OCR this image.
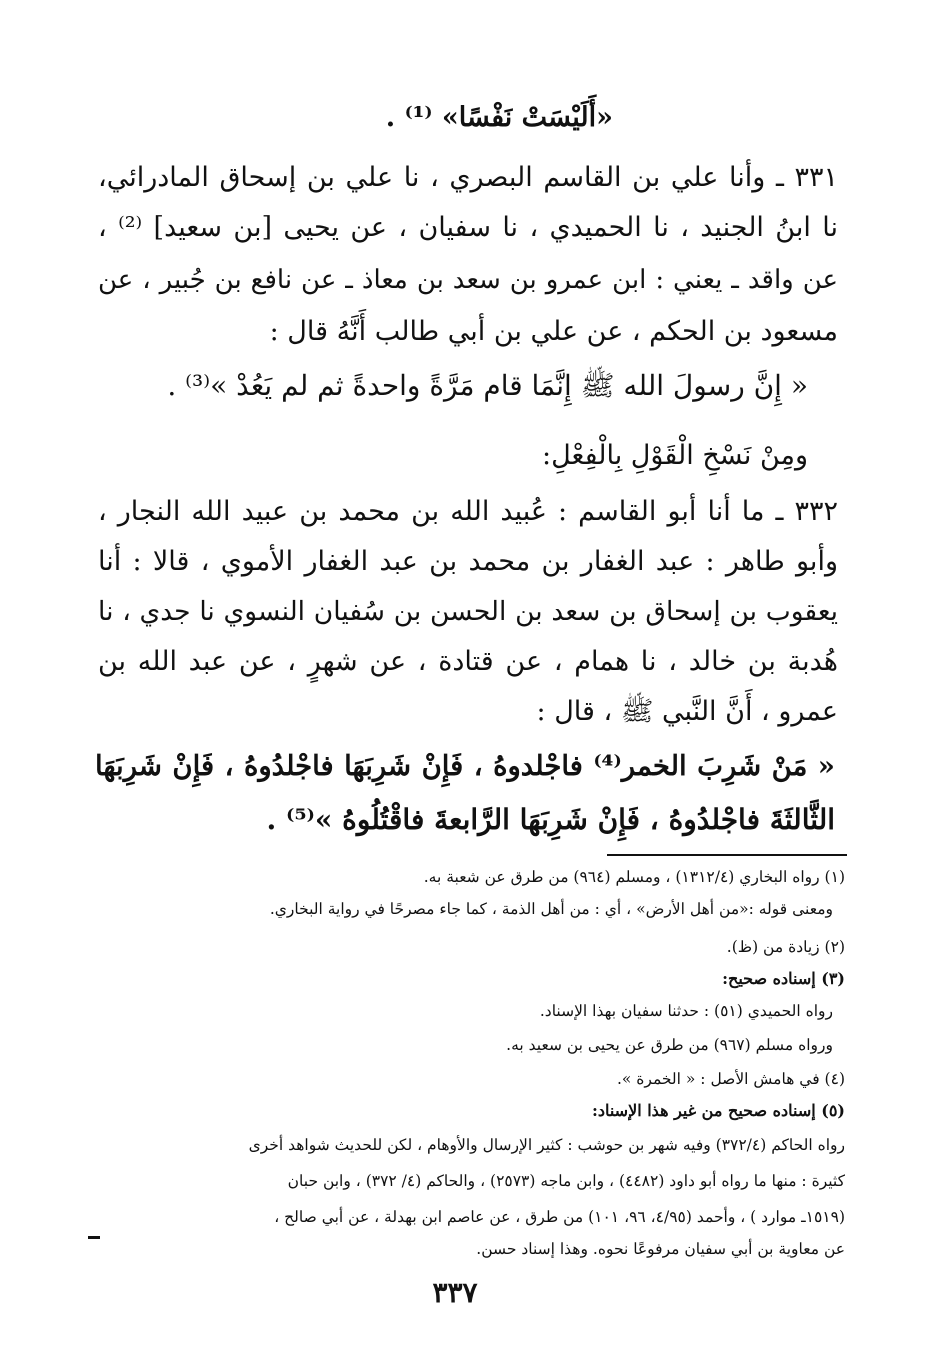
«أَلَيْسَتْ نَفْسًا» ⁽¹⁾ .
٣٣١ ـ وأنا علي بن القاسم البصري ، نا علي بن إسحاق المادرائي،
نا ابنُ الجنيد ، نا الحميدي ، نا سفيان ، عن يحيى [بن سعيد] ⁽²⁾ ،
عن واقد ـ يعني : ابن عمرو بن سعد بن معاذ ـ عن نافع بن جُبير ، عن
مسعود بن الحكم ، عن علي بن أبي طالب أَنَّهُ قال :
« إِنَّ رسولَ الله ﷺ إِنَّمَا قام مَرَّةً واحدةً ثم لم يَعُدْ »⁽³⁾ .
ومِنْ نَسْخِ الْقَوْلِ بِالْفِعْلِ:
٣٣٢ ـ ما أنا أبو القاسم : عُبيد الله بن محمد بن عبيد الله النجار ،
وأبو طاهر : عبد الغفار بن محمد بن عبد الغفار الأموي ، قالا : أنا
يعقوب بن إسحاق بن سعد بن الحسن بن سُفيان النسوي نا جدي ، نا
هُدبة بن خالد ، نا همام ، عن قتادة ، عن شهرٍ ، عن عبد الله بن
عمرو ، أَنَّ النَّبي ﷺ ، قال :
« مَنْ شَرِبَ الخمر⁽⁴⁾ فاجْلدوهُ ، فَإِنْ شَرِبَهَا فاجْلدُوهُ ، فَإِنْ شَرِبَهَا
الثَّالثَةَ فاجْلدُوهُ ، فَإِنْ شَرِبَهَا الرَّابعةَ فاقْتُلُوهُ »⁽⁵⁾ .
(١) رواه البخاري (١٣١٢/٤) ، ومسلم (٩٦٤) من طرق عن شعبة به.
ومعنى قوله :«من أهل الأرض» ، أي : من أهل الذمة ، كما جاء مصرحًا في رواية البخاري.
(٢) زيادة من (ظ).
(٣) إسناده صحيح:
رواه الحميدي (٥١) : حدثنا سفيان بهذا الإسناد.
ورواه مسلم (٩٦٧) من طرق عن يحيى بن سعيد به.
(٤) في هامش الأصل : « الخمرة ».
(٥) إسناده صحيح من غير هذا الإسناد:
رواه الحاكم (٣٧٢/٤) وفيه شهر بن حوشب : كثير الإرسال والأوهام ، لكن للحديث شواهد أخرى
كثيرة : منها ما رواه أبو داود (٤٤٨٢) ، وابن ماجه (٢٥٧٣) ، والحاكم (٤/ ٣٧٢) ، وابن حبان
(١٥١٩ـ موارد ) ، وأحمد (٤/٩٥، ٩٦، ١٠١) من طرق ، عن عاصم ابن بهدلة ، عن أبي صالح ،
عن معاوية بن أبي سفيان مرفوعًا نحوه. وهذا إسناد حسن.
٣٣٧
